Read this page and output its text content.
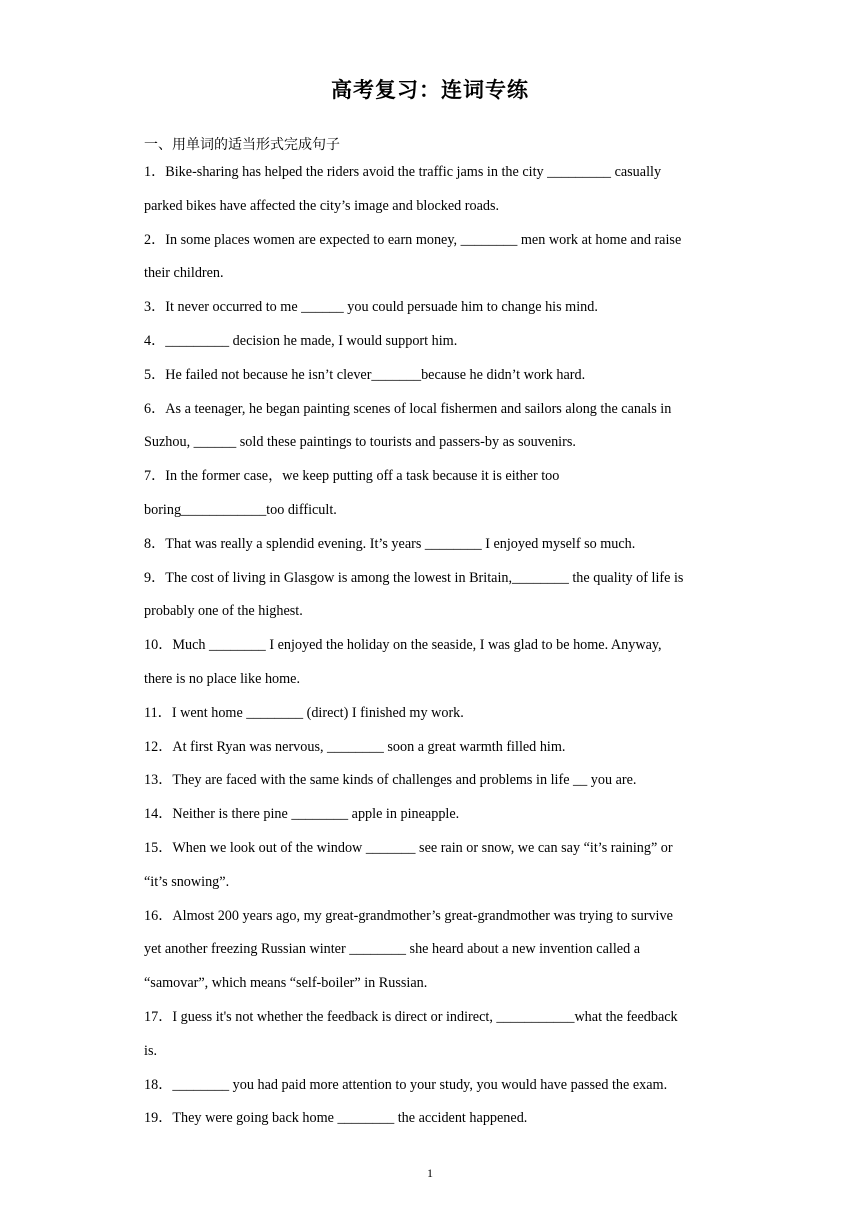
高考复习：连词专练
一、用单词的适当形式完成句子
1．Bike-sharing has helped the riders avoid the traffic jams in the city _________ casually
parked bikes have affected the city’s image and blocked roads.
2．In some places women are expected to earn money, ________ men work at home and raise
their children.
3．It never occurred to me ______ you could persuade him to change his mind.
4．_________ decision he made, I would support him.
5．He failed not because he isn’t clever_______because he didn’t work hard.
6．As a teenager, he began painting scenes of local fishermen and sailors along the canals in
Suzhou, ______ sold these paintings to tourists and passers-by as souvenirs.
7．In the former case，we keep putting off a task because it is either too
boring____________too difficult.
8．That was really a splendid evening. It’s years ________ I enjoyed myself so much.
9．The cost of living in Glasgow is among the lowest in Britain,________ the quality of life is
probably one of the highest.
10．Much ________ I enjoyed the holiday on the seaside, I was glad to be home. Anyway,
there is no place like home.
11．I went home ________ (direct) I finished my work.
12．At first Ryan was nervous, ________ soon a great warmth filled him.
13．They are faced with the same kinds of challenges and problems in life __ you are.
14．Neither is there pine ________ apple in pineapple.
15．When we look out of the window _______ see rain or snow, we can say “it’s raining” or
“it’s snowing”.
16．Almost 200 years ago, my great-grandmother’s great-grandmother was trying to survive
yet another freezing Russian winter ________ she heard about a new invention called a
“samovar”, which means “self-boiler” in Russian.
17．I guess it's not whether the feedback is direct or indirect, ___________what the feedback
is.
18．________ you had paid more attention to your study, you would have passed the exam.
19．They were going back home ________ the accident happened.
1
